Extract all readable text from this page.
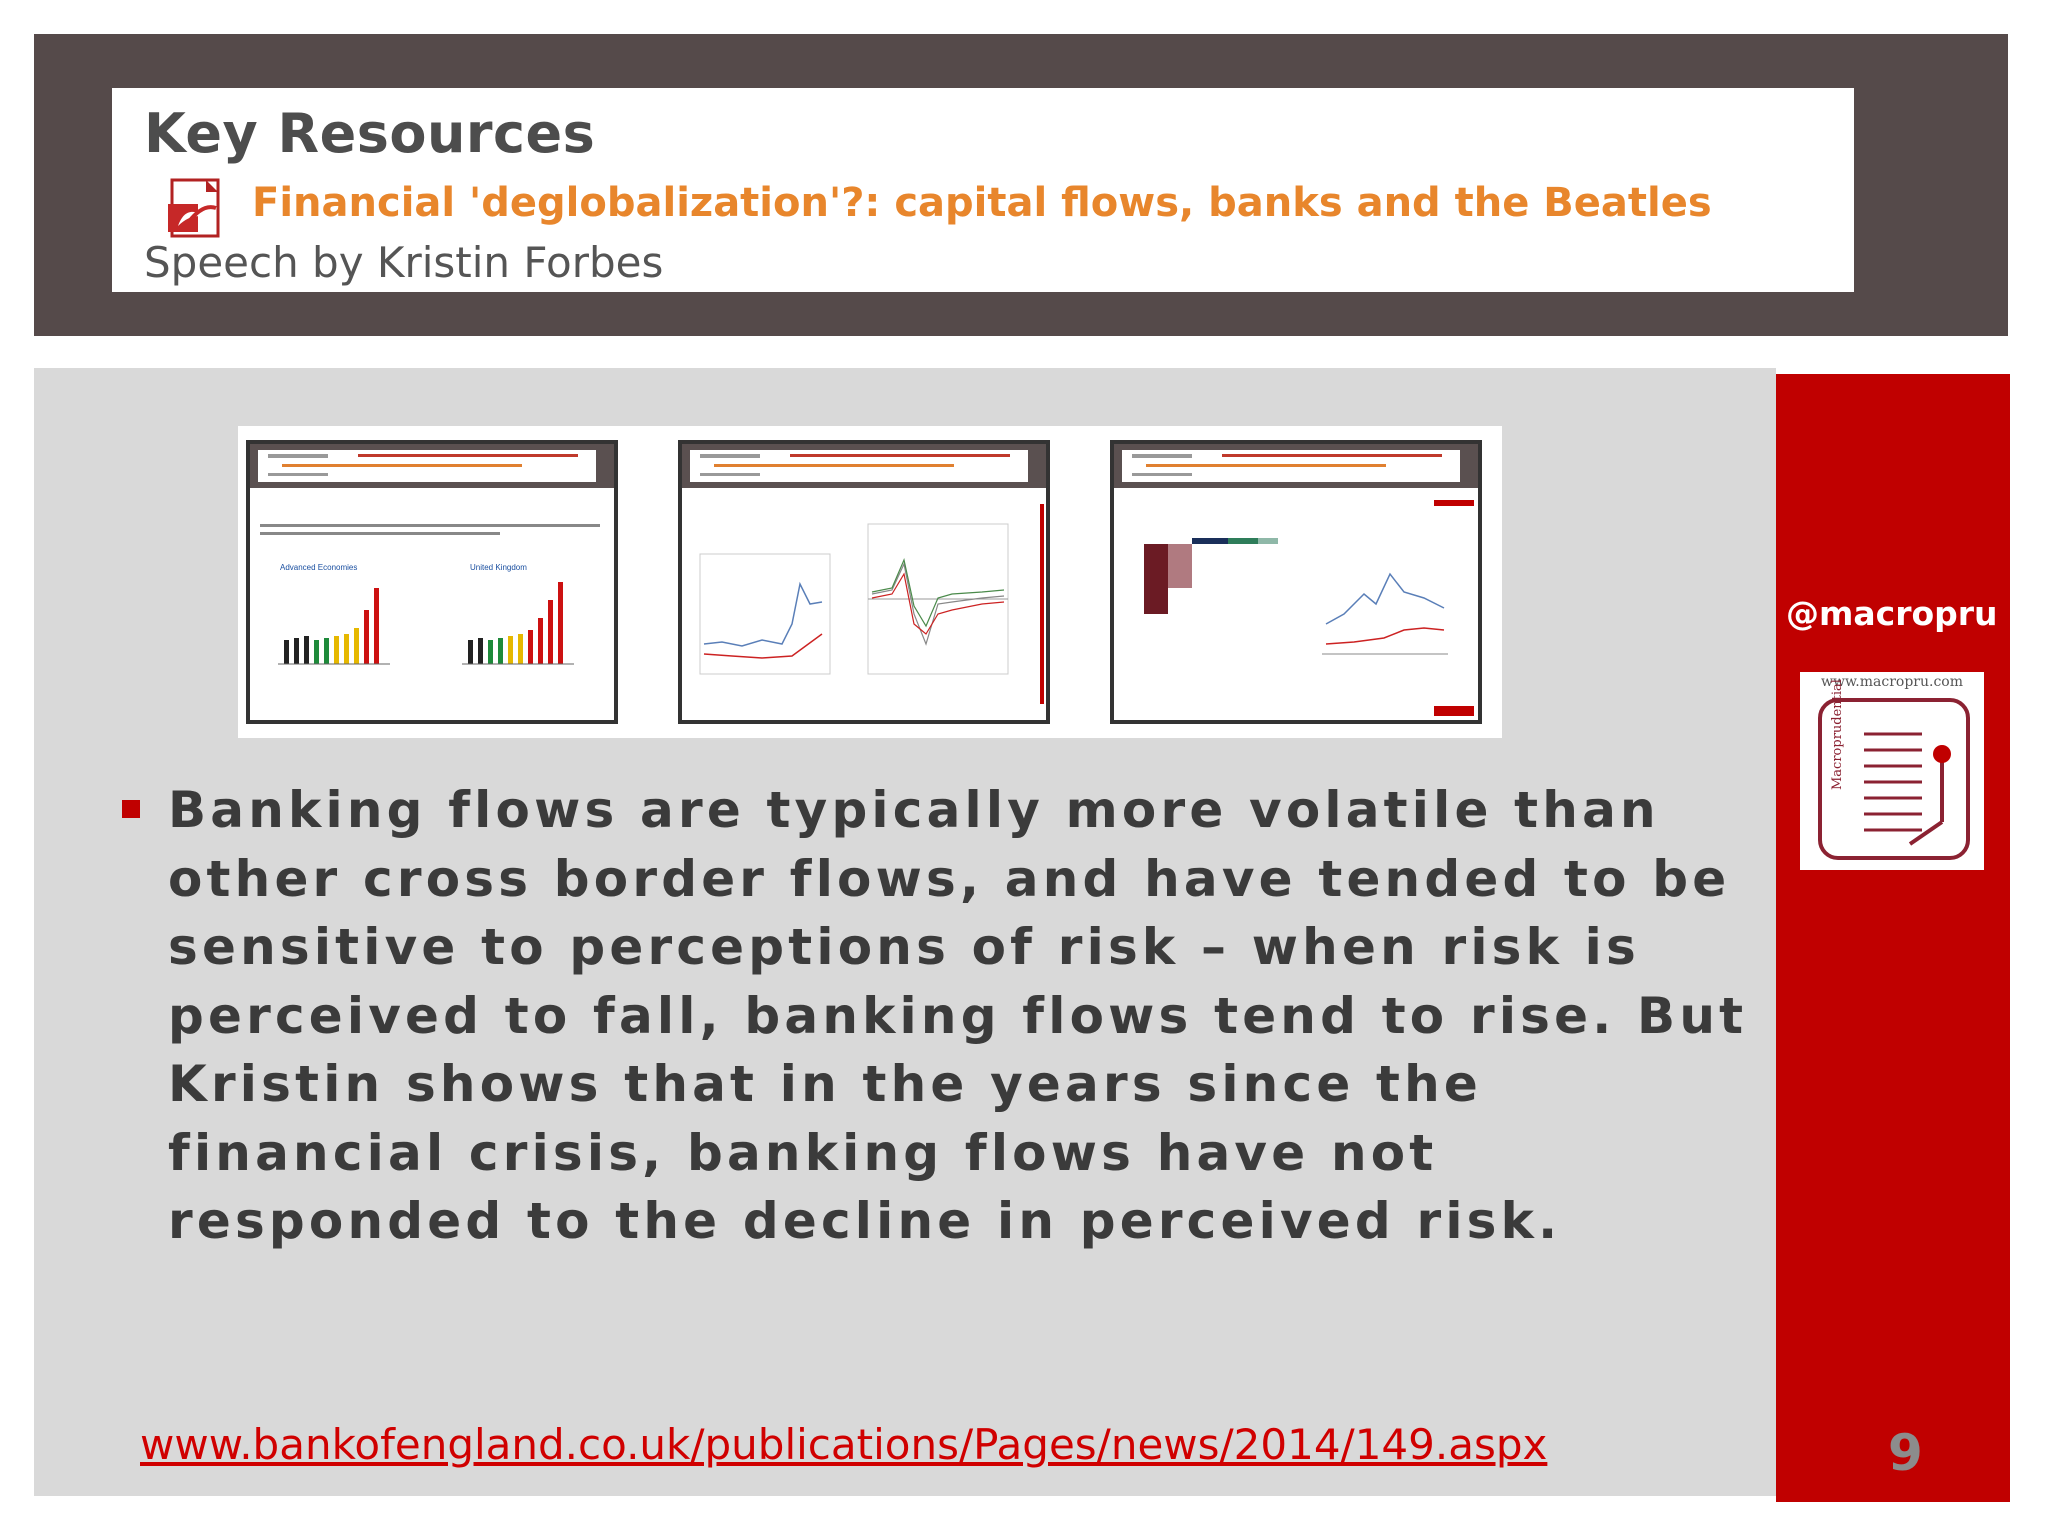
Key Resources
Financial 'deglobalization'?: capital flows, banks and the Beatles
Speech by Kristin Forbes
Advanced Economies	United Kingdom

Banking flows are typically more volatile than other cross border flows, and have tended to be sensitive to perceptions of risk – when risk is perceived to fall, banking flows tend to rise. But Kristin shows that in the years since the financial crisis, banking flows have not responded to the decline in perceived risk.

www.bankofengland.co.uk/publications/Pages/news/2014/149.aspx
@macropru
www.macropru.com
Macroprudential
9
